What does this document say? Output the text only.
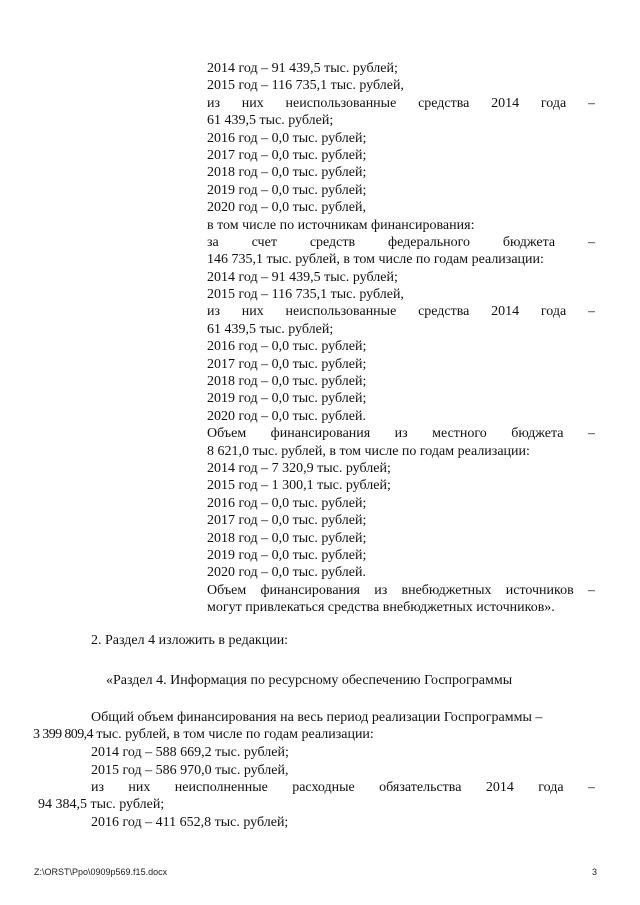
2014 год – 91 439,5 тыс. рублей;
2015 год – 116 735,1 тыс. рублей,
из них неиспользованные средства 2014 года –
61 439,5 тыс. рублей;
2016 год – 0,0 тыс. рублей;
2017 год – 0,0 тыс. рублей;
2018 год – 0,0 тыс. рублей;
2019 год – 0,0 тыс. рублей;
2020 год – 0,0 тыс. рублей,
в том числе по источникам финансирования:
за счет средств федерального бюджета –
146 735,1 тыс. рублей, в том числе по годам реализации:
2014 год – 91 439,5 тыс. рублей;
2015 год – 116 735,1 тыс. рублей,
из них неиспользованные средства 2014 года –
61 439,5 тыс. рублей;
2016 год – 0,0 тыс. рублей;
2017 год – 0,0 тыс. рублей;
2018 год – 0,0 тыс. рублей;
2019 год – 0,0 тыс. рублей;
2020 год – 0,0 тыс. рублей.
Объем финансирования из местного бюджета –
8 621,0 тыс. рублей, в том числе по годам реализации:
2014 год – 7 320,9 тыс. рублей;
2015 год – 1 300,1 тыс. рублей;
2016 год – 0,0 тыс. рублей;
2017 год – 0,0 тыс. рублей;
2018 год – 0,0 тыс. рублей;
2019 год – 0,0 тыс. рублей;
2020 год – 0,0 тыс. рублей.
Объем финансирования из внебюджетных источников –
могут привлекаться средства внебюджетных источников».
2. Раздел 4 изложить в редакции:
«Раздел 4. Информация по ресурсному обеспечению Госпрограммы
Общий объем финансирования на весь период реализации Госпрограммы –
3 399 809,4 тыс. рублей, в том числе по годам реализации:
2014 год – 588 669,2 тыс. рублей;
2015 год – 586 970,0 тыс. рублей,
из них неисполненные расходные обязательства 2014 года –
94 384,5 тыс. рублей;
2016 год – 411 652,8 тыс. рублей;
Z:\ORST\Ppo\0909p569.f15.docx	3
